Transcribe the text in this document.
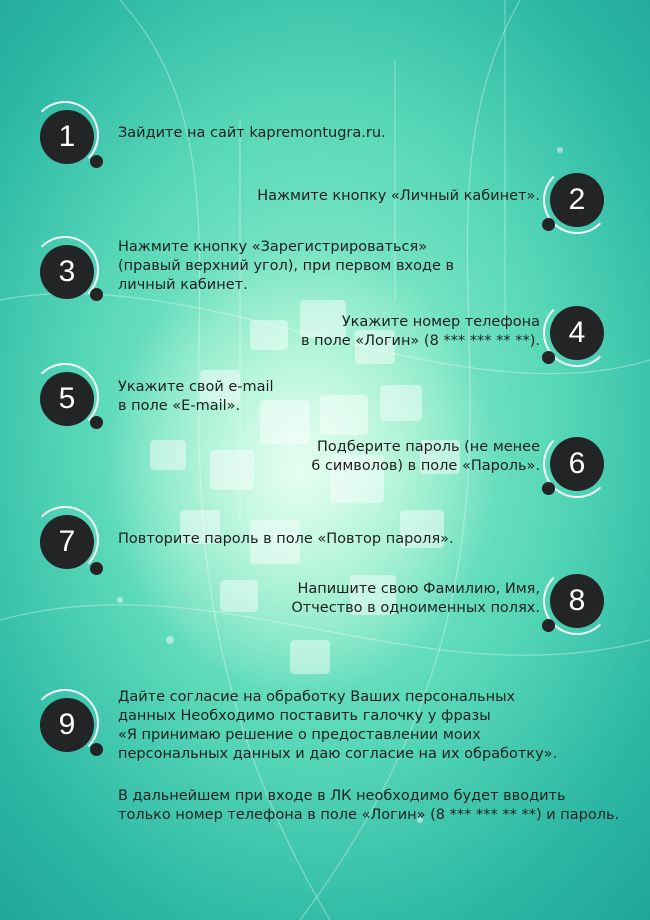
1	Зайдите на сайт kapremontugra.ru.
2
Нажмите кнопку «Личный кабинет».
3
Нажмите кнопку «Зарегистрироваться»
(правый верхний угол), при первом входе в
личный кабинет.
4
Укажите номер телефона
в поле «Логин» (8 *** *** ** **).
5	Укажите свой e-mail
в поле «E-mail».
6
Подберите пароль (не менее
6 символов) в поле «Пароль».
7	Повторите пароль в поле «Повтор пароля».
8
Напишите свою Фамилию, Имя,
Отчество в одноименных полях.
9
Дайте согласие на обработку Ваших персональных
данных Необходимо поставить галочку у фразы
«Я принимаю решение о предоставлении моих
персональных данных и даю согласие на их обработку».
В дальнейшем при входе в ЛК необходимо будет вводить
только номер телефона в поле «Логин» (8 *** *** ** **) и пароль.
